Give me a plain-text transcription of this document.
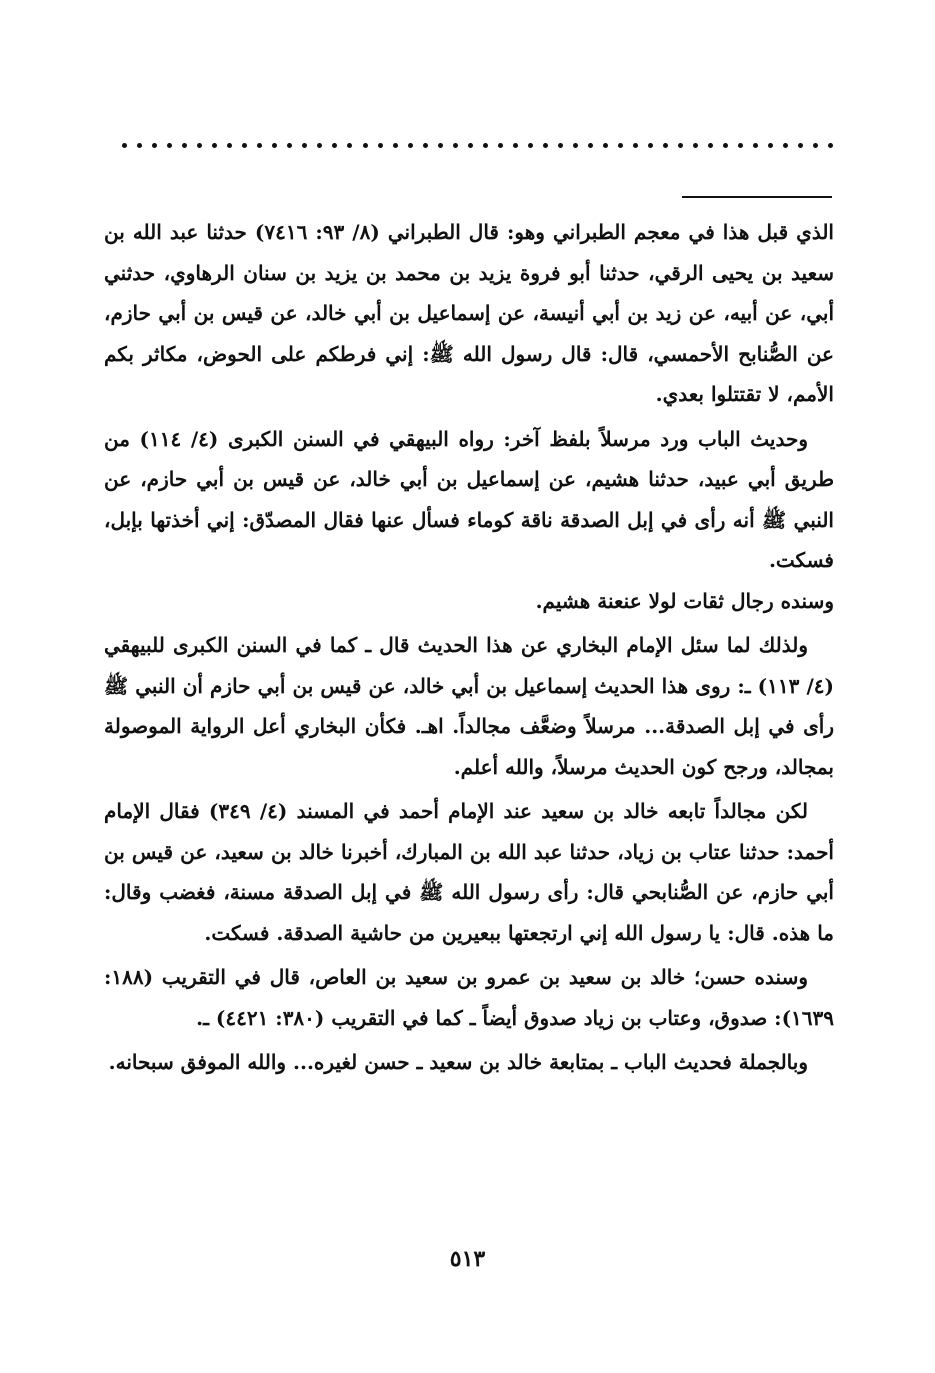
الذي قبل هذا في معجم الطبراني وهو: قال الطبراني (٨/ ٩٣: ٧٤١٦) حدثنا عبد الله بن سعيد بن يحيى الرقي، حدثنا أبو فروة يزيد بن محمد بن يزيد بن سنان الرهاوي، حدثني أبي، عن أبيه، عن زيد بن أبي أنيسة، عن إسماعيل بن أبي خالد، عن قيس بن أبي حازم، عن الصُّنابح الأحمسي، قال: قال رسول الله ﷺ: إني فرطكم على الحوض، مكاثر بكم الأمم، لا تقتتلوا بعدي.

وحديث الباب ورد مرسلاً بلفظ آخر: رواه البيهقي في السنن الكبرى (٤/ ١١٤) من طريق أبي عبيد، حدثنا هشيم، عن إسماعيل بن أبي خالد، عن قيس بن أبي حازم، عن النبي ﷺ أنه رأى في إبل الصدقة ناقة كوماء فسأل عنها فقال المصدّق: إني أخذتها بإبل، فسكت.

وسنده رجال ثقات لولا عنعنة هشيم.

ولذلك لما سئل الإمام البخاري عن هذا الحديث قال ـ كما في السنن الكبرى للبيهقي (٤/ ١١٣) ـ: روى هذا الحديث إسماعيل بن أبي خالد، عن قيس بن أبي حازم أن النبي ﷺ رأى في إبل الصدقة... مرسلاً وضعَّف مجالداً. اهـ. فكأن البخاري أعل الرواية الموصولة بمجالد، ورجح كون الحديث مرسلاً، والله أعلم.

لكن مجالداً تابعه خالد بن سعيد عند الإمام أحمد في المسند (٤/ ٣٤٩) فقال الإمام أحمد: حدثنا عتاب بن زياد، حدثنا عبد الله بن المبارك، أخبرنا خالد بن سعيد، عن قيس بن أبي حازم، عن الصُّنابحي قال: رأى رسول الله ﷺ في إبل الصدقة مسنة، فغضب وقال: ما هذه. قال: يا رسول الله إني ارتجعتها ببعيرين من حاشية الصدقة. فسكت.

وسنده حسن؛ خالد بن سعيد بن عمرو بن سعيد بن العاص، قال في التقريب (١٨٨: ١٦٣٩): صدوق، وعتاب بن زياد صدوق أيضاً ـ كما في التقريب (٣٨٠: ٤٤٢١) ـ.

وبالجملة فحديث الباب ـ بمتابعة خالد بن سعيد ـ حسن لغيره... والله الموفق سبحانه.

٥١٣
